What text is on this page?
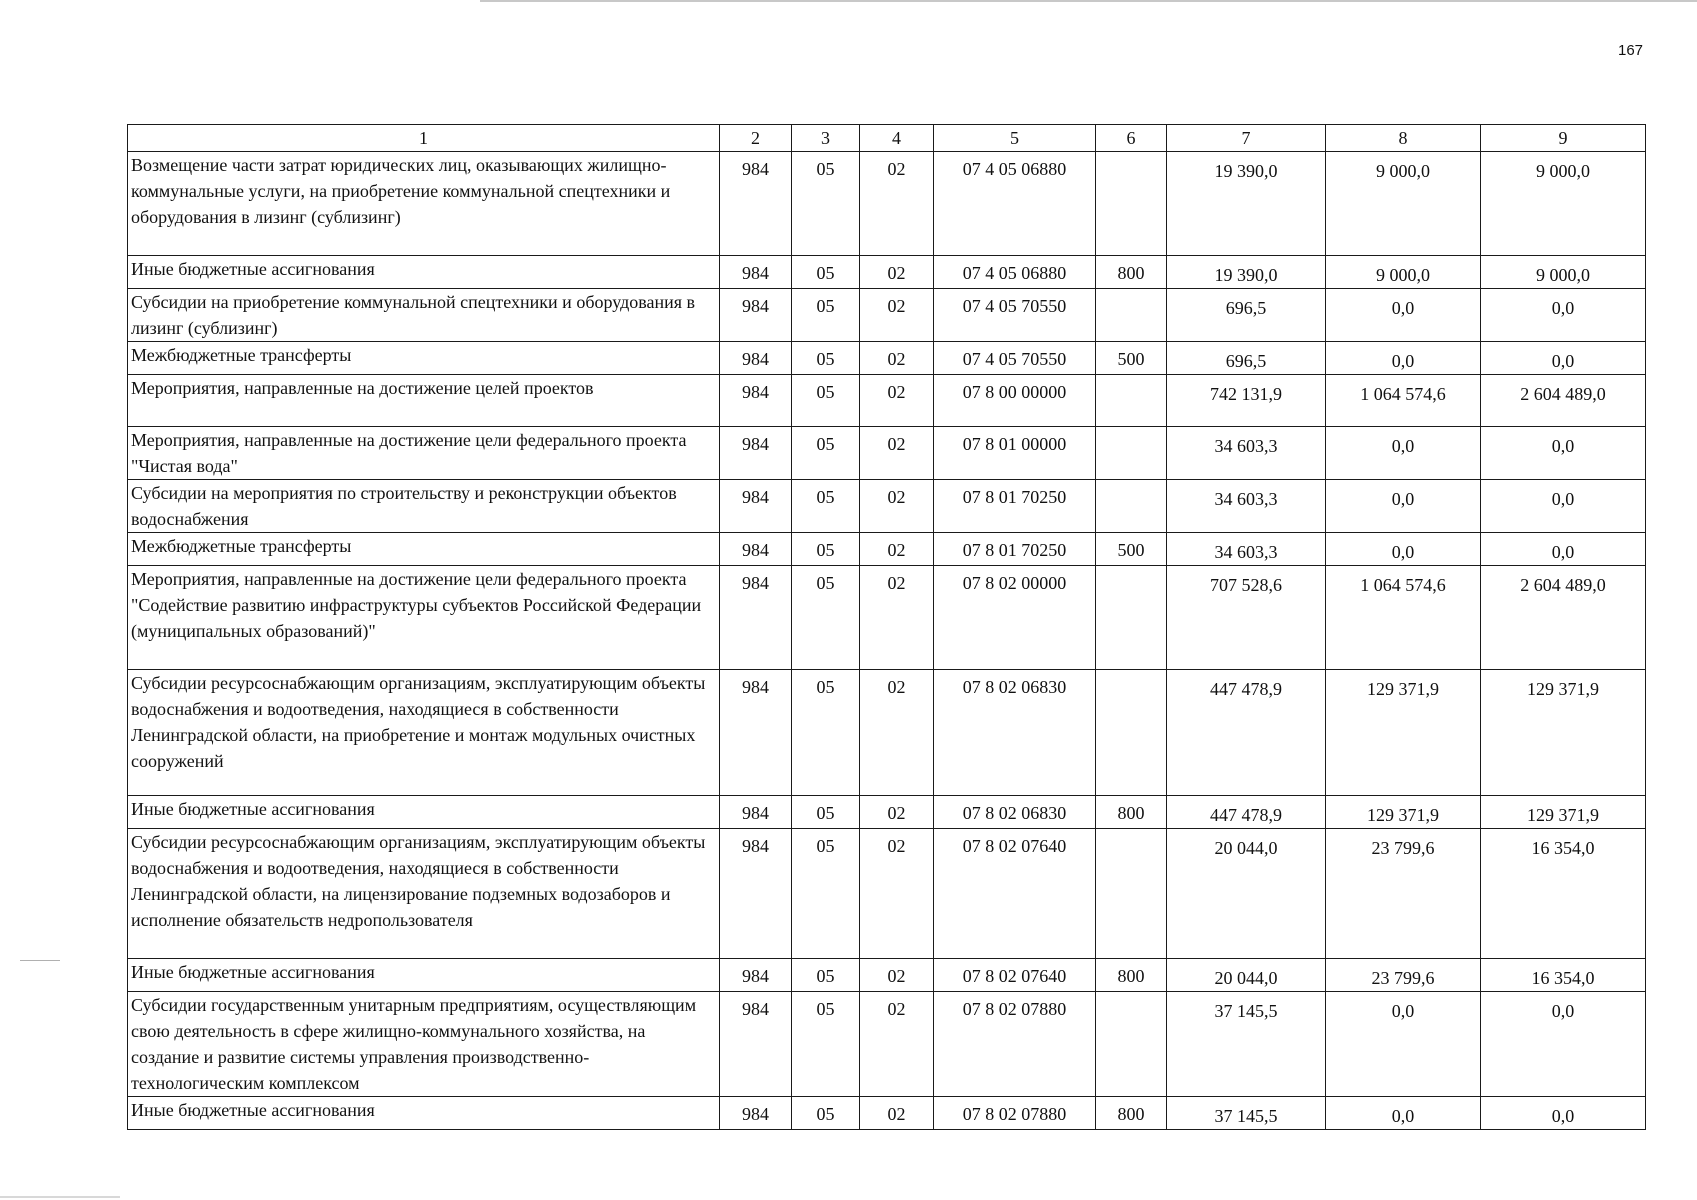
167
1	2	3	4	5	6	7	8	9
Возмещение части затрат юридических лиц, оказывающих жилищно-коммунальные услуги, на приобретение коммунальной спецтехники и оборудования в лизинг (сублизинг)	984	05	02	07 4 05 06880		19 390,0	9 000,0	9 000,0
Иные бюджетные ассигнования	984	05	02	07 4 05 06880	800	19 390,0	9 000,0	9 000,0
Субсидии на приобретение коммунальной спецтехники и оборудования в лизинг (сублизинг)	984	05	02	07 4 05 70550		696,5	0,0	0,0
Межбюджетные трансферты	984	05	02	07 4 05 70550	500	696,5	0,0	0,0
Мероприятия, направленные на достижение целей проектов	984	05	02	07 8 00 00000		742 131,9	1 064 574,6	2 604 489,0
Мероприятия, направленные на достижение цели федерального проекта "Чистая вода"	984	05	02	07 8 01 00000		34 603,3	0,0	0,0
Субсидии на мероприятия по строительству и реконструкции объектов водоснабжения	984	05	02	07 8 01 70250		34 603,3	0,0	0,0
Межбюджетные трансферты	984	05	02	07 8 01 70250	500	34 603,3	0,0	0,0
Мероприятия, направленные на достижение цели федерального проекта "Содействие развитию инфраструктуры субъектов Российской Федерации (муниципальных образований)"	984	05	02	07 8 02 00000		707 528,6	1 064 574,6	2 604 489,0
Субсидии ресурсоснабжающим организациям, эксплуатирующим объекты водоснабжения и водоотведения, находящиеся в собственности Ленинградской области, на приобретение и монтаж модульных очистных сооружений	984	05	02	07 8 02 06830		447 478,9	129 371,9	129 371,9
Иные бюджетные ассигнования	984	05	02	07 8 02 06830	800	447 478,9	129 371,9	129 371,9
Субсидии ресурсоснабжающим организациям, эксплуатирующим объекты водоснабжения и водоотведения, находящиеся в собственности Ленинградской области, на лицензирование подземных водозаборов и исполнение обязательств недропользователя	984	05	02	07 8 02 07640		20 044,0	23 799,6	16 354,0
Иные бюджетные ассигнования	984	05	02	07 8 02 07640	800	20 044,0	23 799,6	16 354,0
Субсидии государственным унитарным предприятиям, осуществляющим свою деятельность в сфере жилищно-коммунального хозяйства, на создание и развитие системы управления производственно-технологическим комплексом	984	05	02	07 8 02 07880		37 145,5	0,0	0,0
Иные бюджетные ассигнования	984	05	02	07 8 02 07880	800	37 145,5	0,0	0,0
